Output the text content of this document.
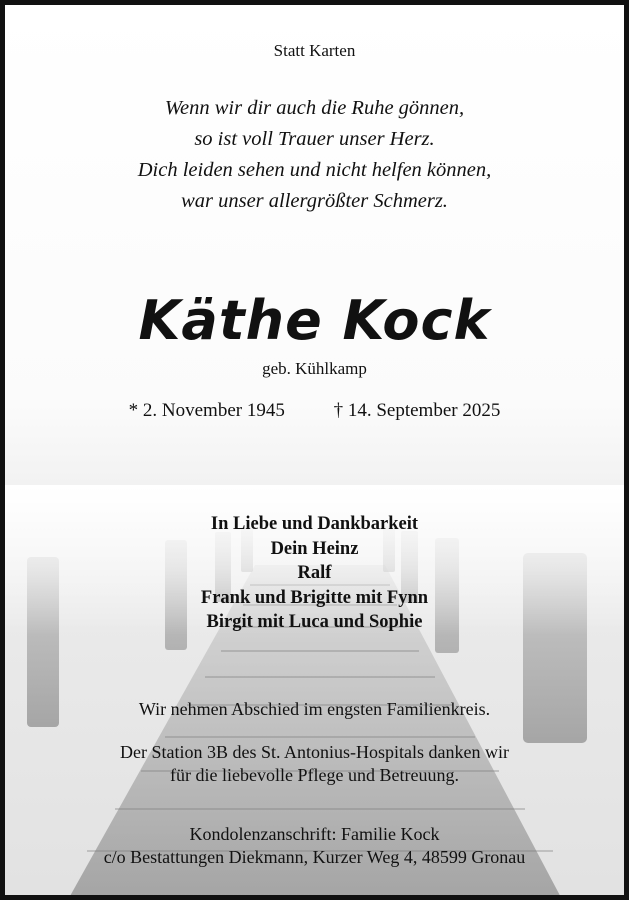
Statt Karten
Wenn wir dir auch die Ruhe gönnen,
so ist voll Trauer unser Herz.
Dich leiden sehen und nicht helfen können,
war unser allergrößter Schmerz.
Käthe Kock
geb. Kühlkamp
* 2. November 1945	† 14. September 2025
In Liebe und Dankbarkeit
Dein Heinz
Ralf
Frank und Brigitte mit Fynn
Birgit mit Luca und Sophie
Wir nehmen Abschied im engsten Familienkreis.
Der Station 3B des St. Antonius-Hospitals danken wir
für die liebevolle Pflege und Betreuung.
Kondolenzanschrift: Familie Kock
c/o Bestattungen Diekmann, Kurzer Weg 4, 48599 Gronau
